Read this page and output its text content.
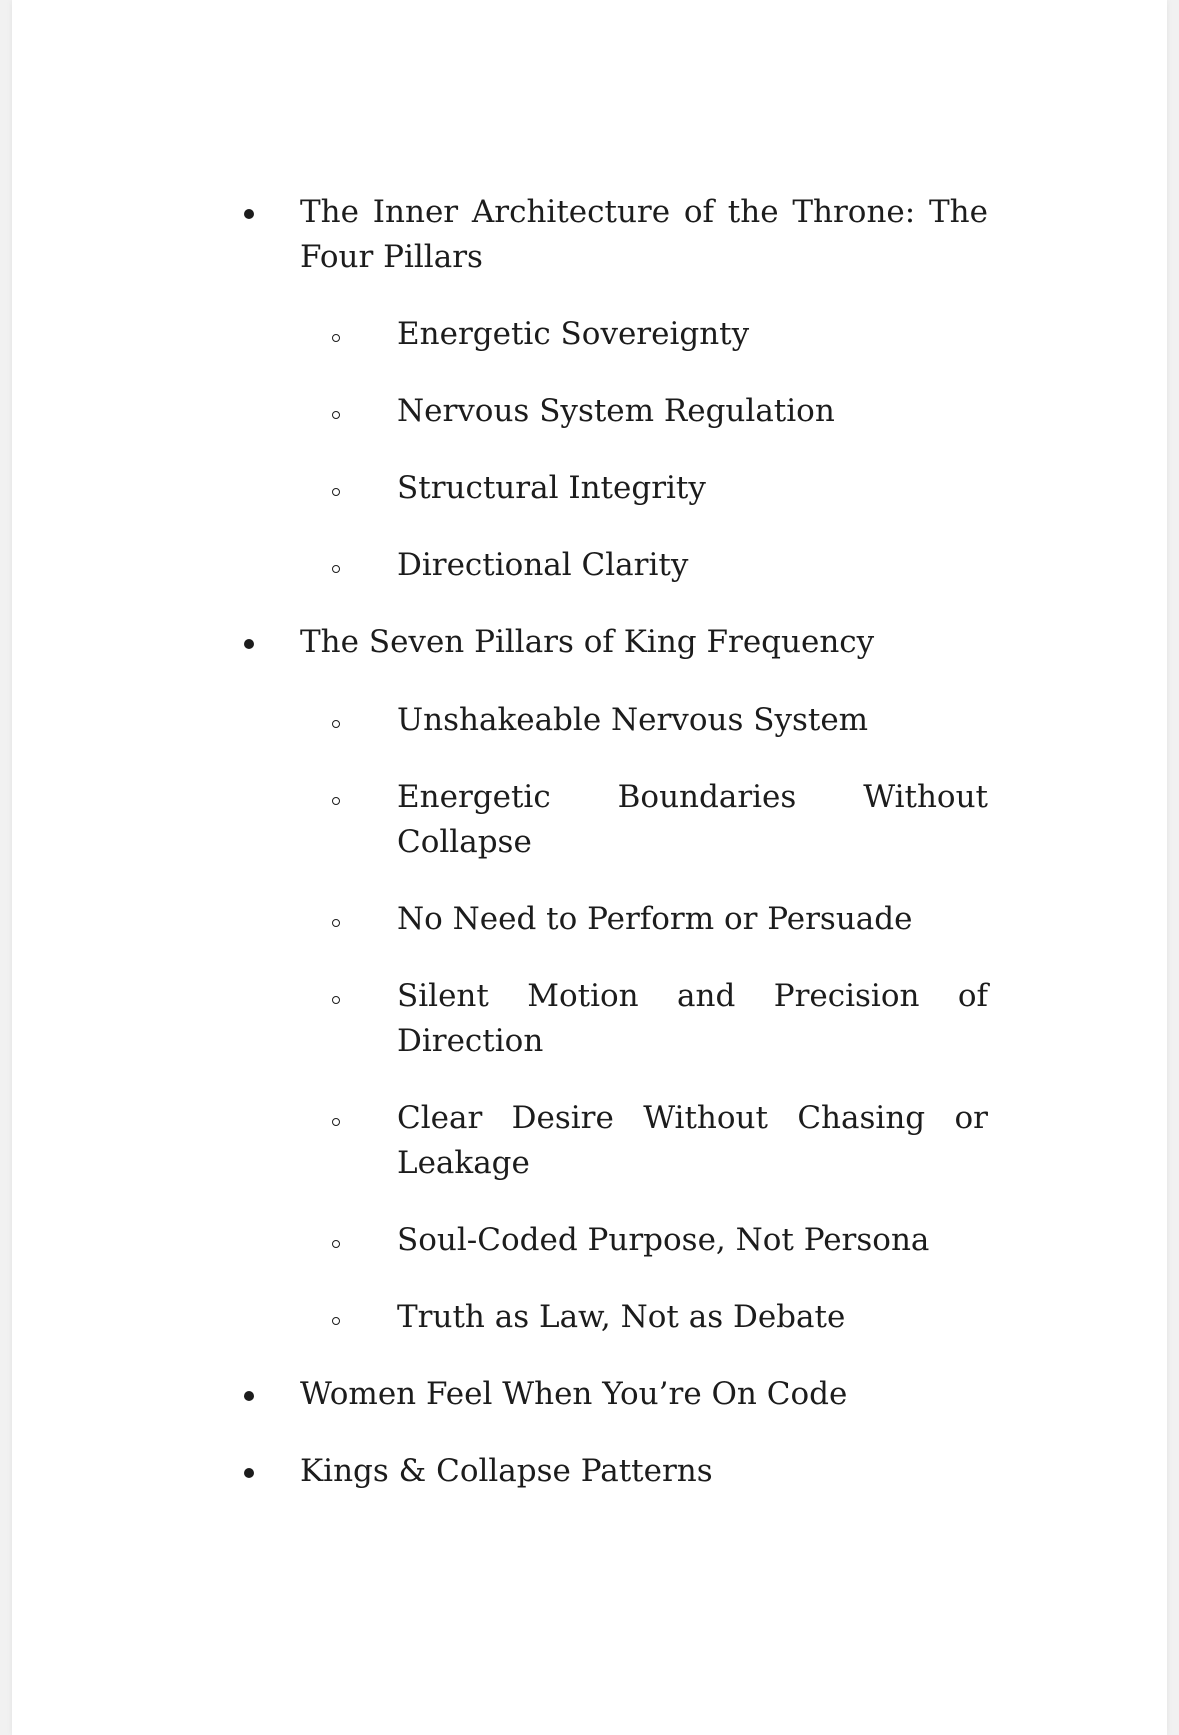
The Inner Architecture of the Throne: The Four Pillars
Energetic Sovereignty
Nervous System Regulation
Structural Integrity
Directional Clarity
The Seven Pillars of King Frequency
Unshakeable Nervous System
Energetic Boundaries Without Collapse
No Need to Perform or Persuade
Silent Motion and Precision of Direction
Clear Desire Without Chasing or Leakage
Soul-Coded Purpose, Not Persona
Truth as Law, Not as Debate
Women Feel When You’re On Code
Kings & Collapse Patterns
